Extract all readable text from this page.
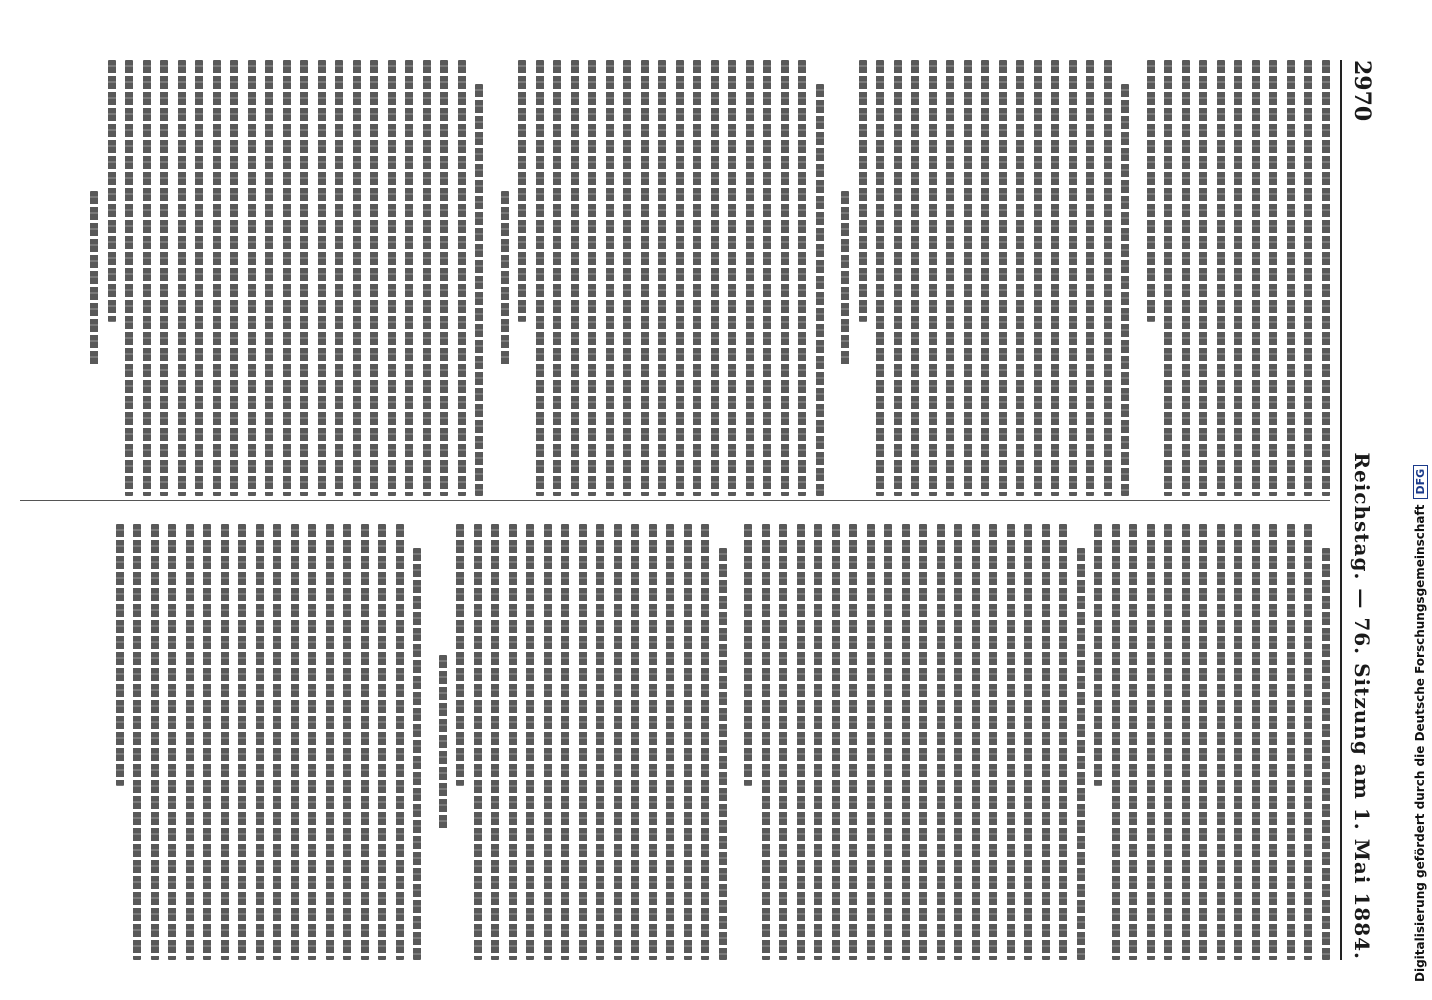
2970
Reichstag. — 76. Sitzung am 1. Mai 1884.	Digitalisierung gefördert durch die Deutsche ForschungsgemeinschaftDFG
